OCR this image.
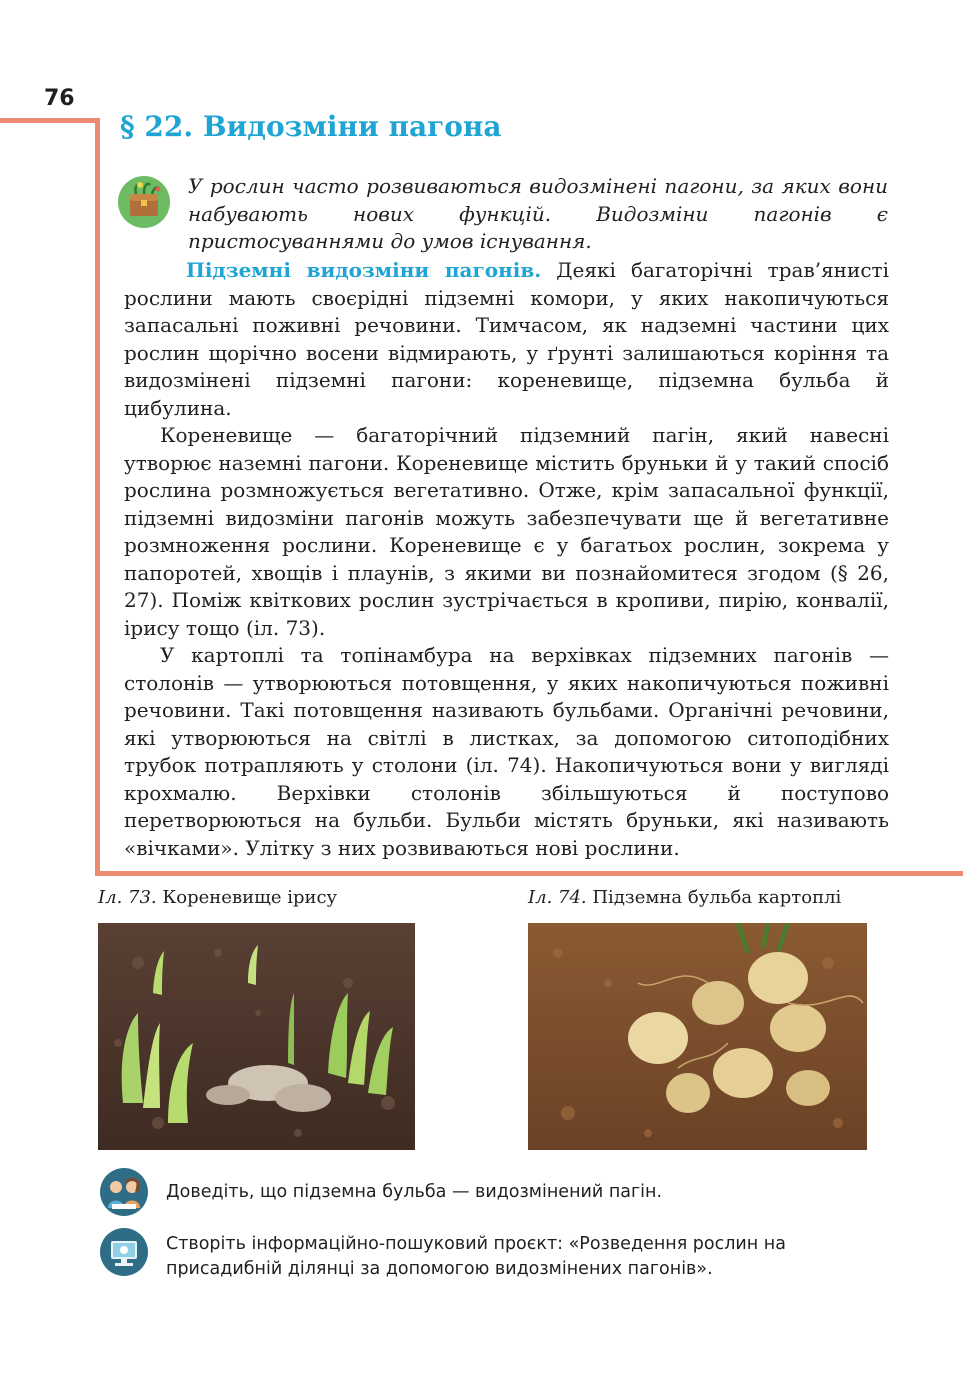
76
§ 22. Видозміни пагона
У рослин часто розвиваються видозмінені пагони, за яких вони набувають нових функцій. Видозміни пагонів є пристосуваннями до умов існування.

Підземні видозміни пагонів. Деякі багаторічні трав’янисті рослини мають своєрідні підземні комори, у яких накопичуються запасальні поживні речовини. Тимчасом, як надземні частини цих рослин щорічно восени відмирають, у ґрунті залишаються коріння та видозмінені підземні пагони: кореневище, підземна бульба й цибулина.

Кореневище — багаторічний підземний пагін, який навесні утворює наземні пагони. Кореневище містить бруньки й у такий спосіб рослина розмножується вегетативно. Отже, крім запасальної функції, підземні видозміни пагонів можуть забезпечувати ще й вегетативне розмноження рослини. Кореневище є у багатьох рослин, зокрема у папоротей, хвощів і плаунів, з якими ви познайомитеся згодом (§ 26, 27). Поміж квіткових рослин зустрічається в кропиви, пирію, конвалії, ірису тощо (іл. 73).

У картоплі та топінамбура на верхівках підземних пагонів — столонів — утворюються потовщення, у яких накопичуються поживні речовини. Такі потовщення називають бульбами. Органічні речовини, які утворюються на світлі в листках, за допомогою ситоподібних трубок потрапляють у столони (іл. 74). Накопичуються вони у вигляді крохмалю. Верхівки столонів збільшуються й поступово перетворюються на бульби. Бульби містять бруньки, які називають «вічками». Улітку з них розвиваються нові рослини.

Іл. 73. Кореневище ірису	Іл. 74. Підземна бульба картоплі
Доведіть, що підземна бульба — видозмінений пагін.
Створіть інформаційно-пошуковий проєкт: «Розведення рослин на присадибній ділянці за допомогою видозмінених пагонів».
